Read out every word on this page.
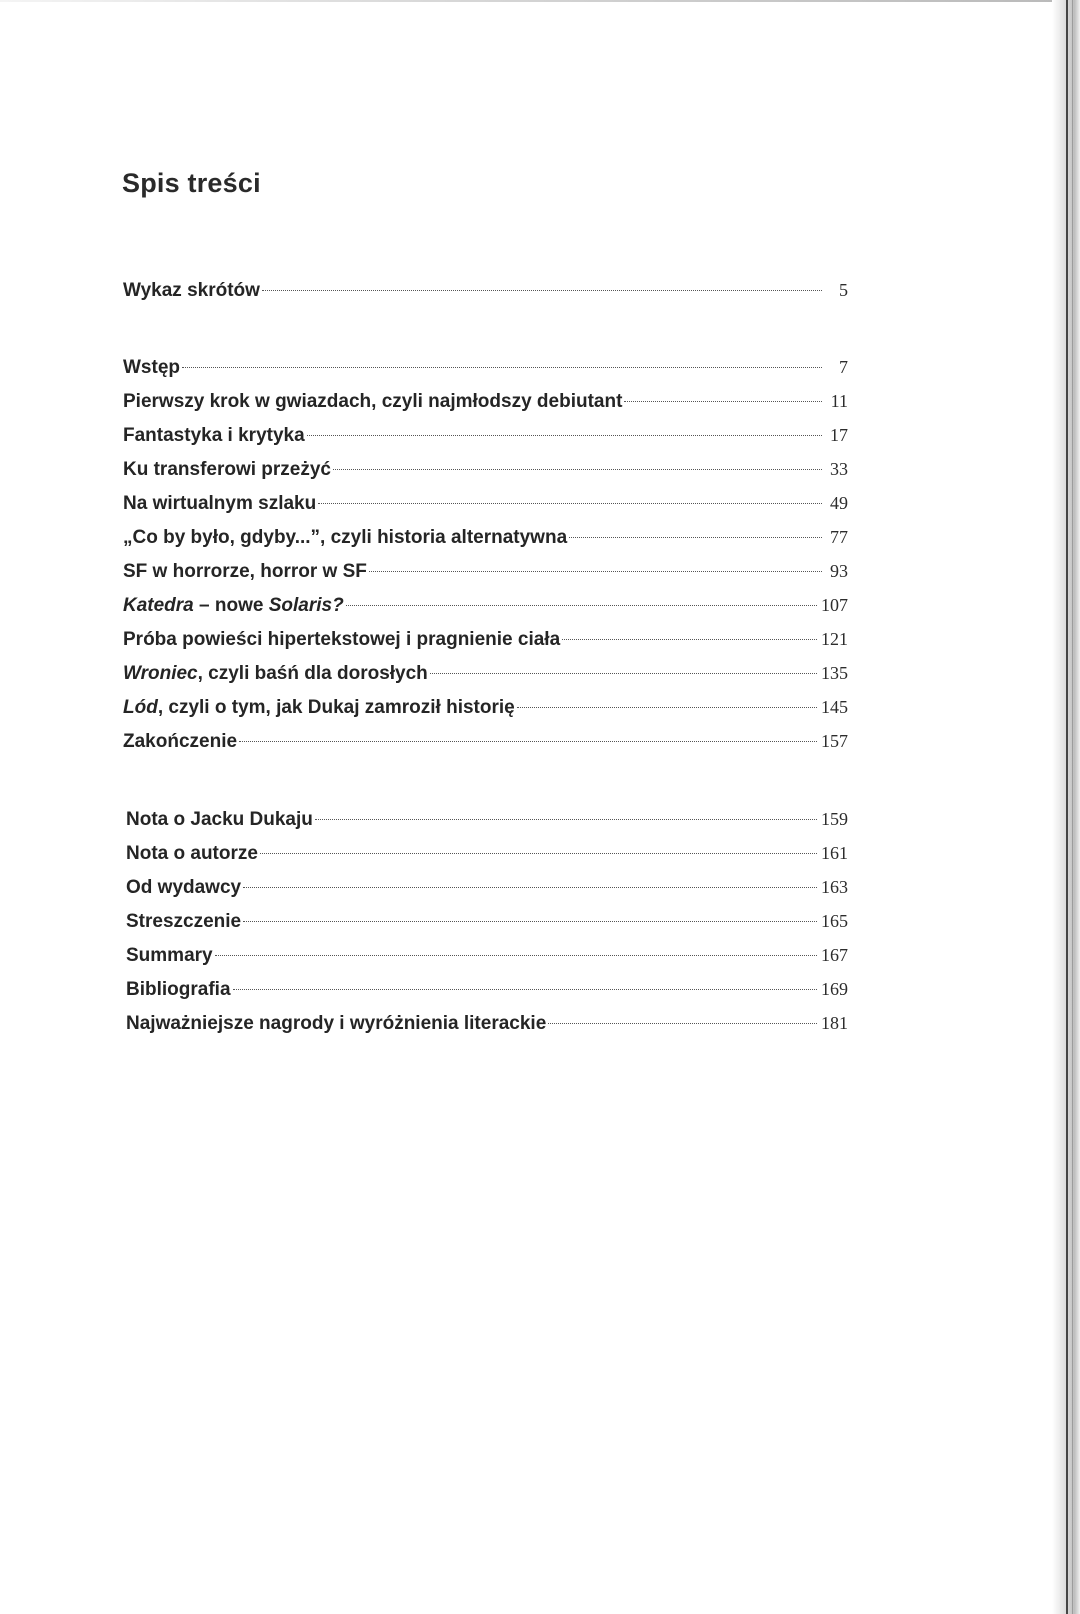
Spis treści
Wykaz skrótów	5
Wstęp	7
Pierwszy krok w gwiazdach, czyli najmłodszy debiutant	11
Fantastyka i krytyka	17
Ku transferowi przeżyć	33
Na wirtualnym szlaku	49
„Co by było, gdyby...”, czyli historia alternatywna	77
SF w horrorze, horror w SF	93
Katedra – nowe Solaris?	107
Próba powieści hipertekstowej i pragnienie ciała	121
Wroniec, czyli baśń dla dorosłych	135
Lód, czyli o tym, jak Dukaj zamroził historię	145
Zakończenie	157
Nota o Jacku Dukaju	159
Nota o autorze	161
Od wydawcy	163
Streszczenie	165
Summary	167
Bibliografia	169
Najważniejsze nagrody i wyróżnienia literackie	181
